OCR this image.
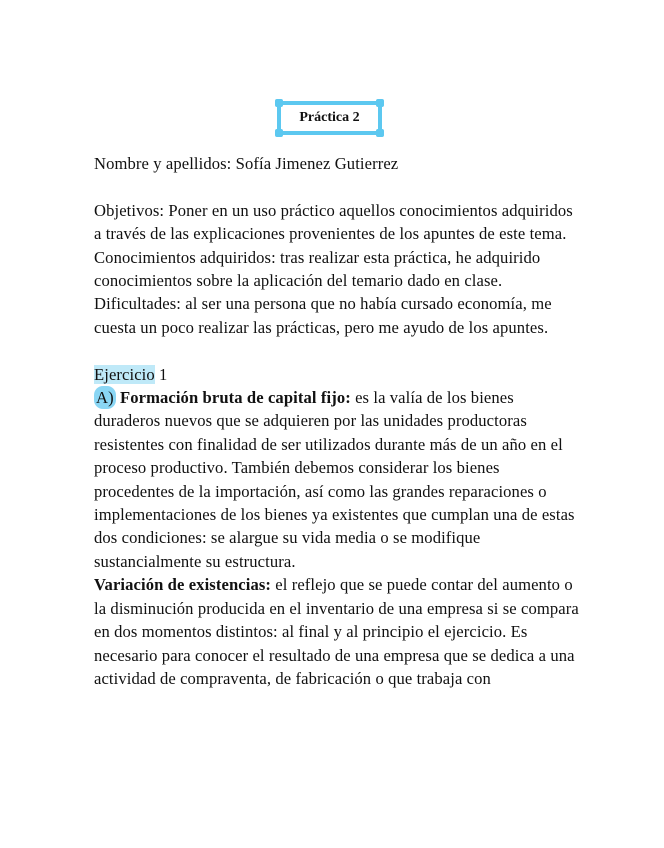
Práctica 2

Nombre y apellidos: Sofía Jimenez Gutierrez

Objetivos: Poner en un uso práctico aquellos conocimientos adquiridos a través de las explicaciones provenientes de los apuntes de este tema.

Conocimientos adquiridos: tras realizar esta práctica, he adquirido conocimientos sobre la aplicación del temario dado en clase.

Dificultades: al ser una persona que no había cursado economía, me cuesta un poco realizar las prácticas, pero me ayudo de los apuntes.

Ejercicio 1

A) Formación bruta de capital fijo: es la valía de los bienes duraderos nuevos que se adquieren por las unidades productoras resistentes con finalidad de ser utilizados durante más de un año en el proceso productivo. También debemos considerar los bienes procedentes de la importación, así como las grandes reparaciones o implementaciones de los bienes ya existentes que cumplan una de estas dos condiciones: se alargue su vida media o se modifique sustancialmente su estructura.

Variación de existencias: el reflejo que se puede contar del aumento o la disminución producida en el inventario de una empresa si se compara en dos momentos distintos: al final y al principio el ejercicio. Es necesario para conocer el resultado de una empresa que se dedica a una actividad de compraventa, de fabricación o que trabaja con
